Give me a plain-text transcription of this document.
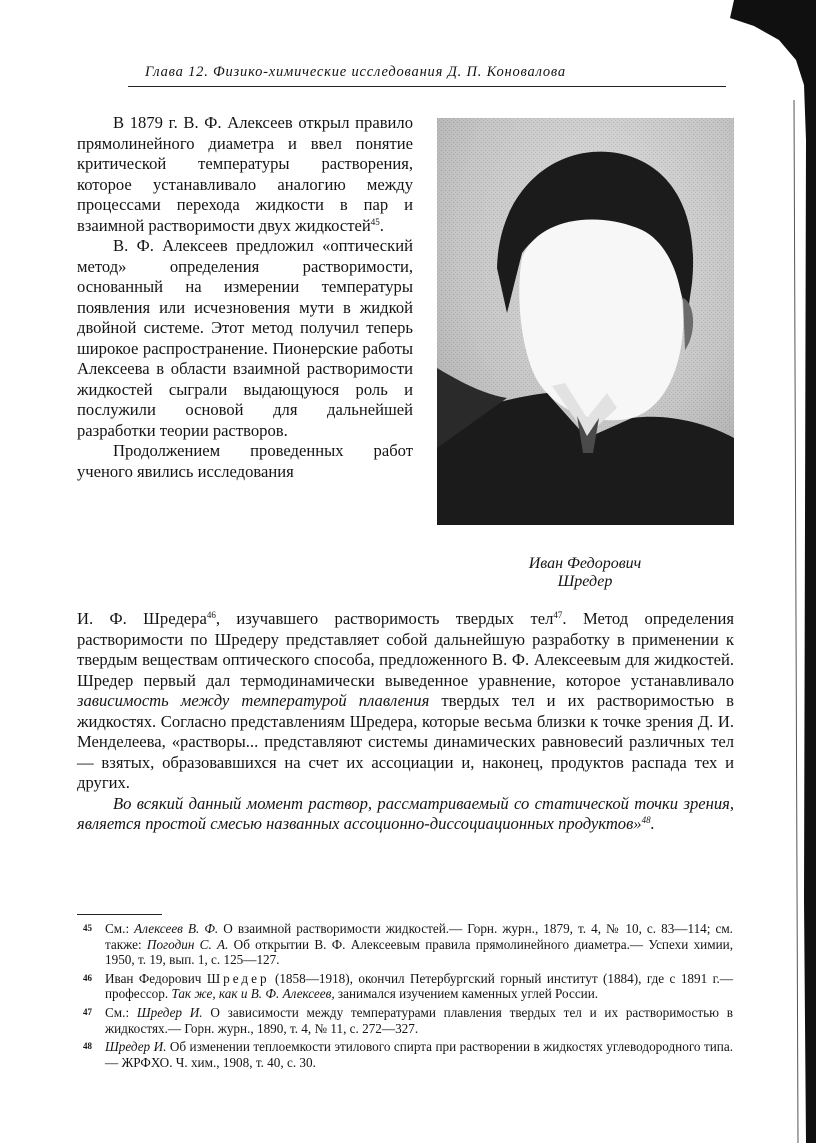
Глава 12. Физико-химические исследования Д. П. Коновалова

В 1879 г. В. Ф. Алексеев открыл правило прямолинейного диаметра и ввел понятие критической температуры растворения, которое устанавливало аналогию между процессами перехода жидкости в пар и взаимной растворимости двух жидкостей$^{45}$.

В. Ф. Алексеев предложил «оптический метод» определения растворимости, основанный на измерении температуры появления или исчезновения мути в жидкой двойной системе. Этот метод получил теперь широкое распространение. Пионерские работы Алексеева в области взаимной растворимости жидкостей сыграли выдающуюся роль и послужили основой для дальнейшей разработки теории растворов.

Продолжением проведенных работ ученого явились исследования

Иван Федорович
Шредер

И. Ф. Шредера$^{46}$, изучавшего растворимость твердых тел$^{47}$. Метод определения растворимости по Шредеру представляет собой дальнейшую разработку в применении к твердым веществам оптического способа, предложенного В. Ф. Алексеевым для жидкостей. Шредер первый дал термодинамически выведенное уравнение, которое устанавливало зависимость между температурой плавления твердых тел и их растворимостью в жидкостях. Согласно представлениям Шредера, которые весьма близки к точке зрения Д. И. Менделеева, «растворы... представляют системы динамических равновесий различных тел — взятых, образовавшихся на счет их ассоциации и, наконец, продуктов распада тех и других.

Во всякий данный момент раствор, рассматриваемый со статической точки зрения, является простой смесью названных ассоционно-диссоциационных продуктов»$^{48}$.

45 См.: Алексеев В. Ф. О взаимной растворимости жидкостей.— Горн. журн., 1879, т. 4, № 10, с. 83—114; см. также: Погодин С. А. Об открытии В. Ф. Алексеевым правила прямолинейного диаметра.— Успехи химии, 1950, т. 19, вып. 1, с. 125—127.
46 Иван Федорович Шредер (1858—1918), окончил Петербургский горный институт (1884), где с 1891 г.— профессор. Так же, как и В. Ф. Алексеев, занимался изучением каменных углей России.
47 См.: Шредер И. О зависимости между температурами плавления твердых тел и их растворимостью в жидкостях.— Горн. журн., 1890, т. 4, № 11, с. 272—327.
48 Шредер И. Об изменении теплоемкости этилового спирта при растворении в жидкостях углеводородного типа.— ЖРФХО. Ч. хим., 1908, т. 40, с. 30.
